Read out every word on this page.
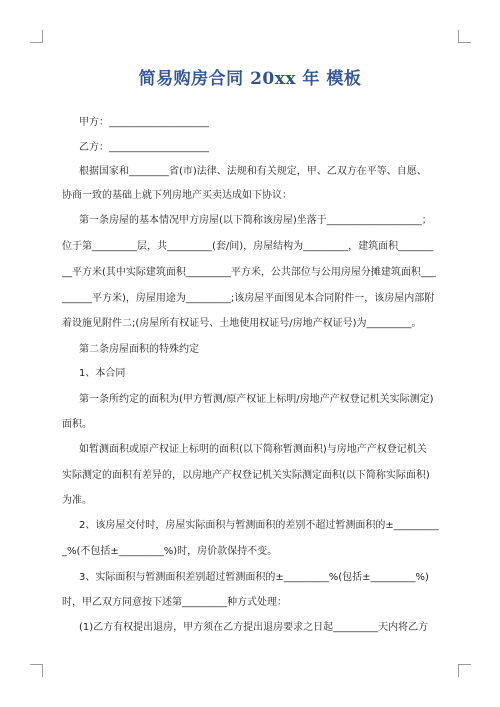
简易购房合同 20xx 年 模板
甲方：____________________
乙方：____________________
根据国家和________省(市)法律、法规和有关规定，甲、乙双方在平等、自愿、
协商一致的基础上就下列房地产买卖达成如下协议：
第一条房屋的基本情况甲方房屋(以下简称该房屋)坐落于___________________；
位于第_________层，共_________(套/间)，房屋结构为_________，建筑面积_______
__平方米(其中实际建筑面积_________平方米，公共部位与公用房屋分摊建筑面积___
______平方米)，房屋用途为_________;该房屋平面图见本合同附件一，该房屋内部附
着设施见附件二;(房屋所有权证号、土地使用权证号/房地产权证号)为_________。
第二条房屋面积的特殊约定
1、本合同
第一条所约定的面积为(甲方暂测/原产权证上标明/房地产产权登记机关实际测定)
面积。
如暂测面积或原产权证上标明的面积(以下简称暂测面积)与房地产产权登记机关
实际测定的面积有差异的，以房地产产权登记机关实际测定面积(以下简称实际面积)
为准。
2、该房屋交付时，房屋实际面积与暂测面积的差别不超过暂测面积的±_________
_%(不包括±_________%)时，房价款保持不变。
3、实际面积与暂测面积差别超过暂测面积的±_________%(包括±_________%)
时，甲乙双方同意按下述第_________种方式处理：
(1)乙方有权提出退房，甲方须在乙方提出退房要求之日起_________天内将乙方
